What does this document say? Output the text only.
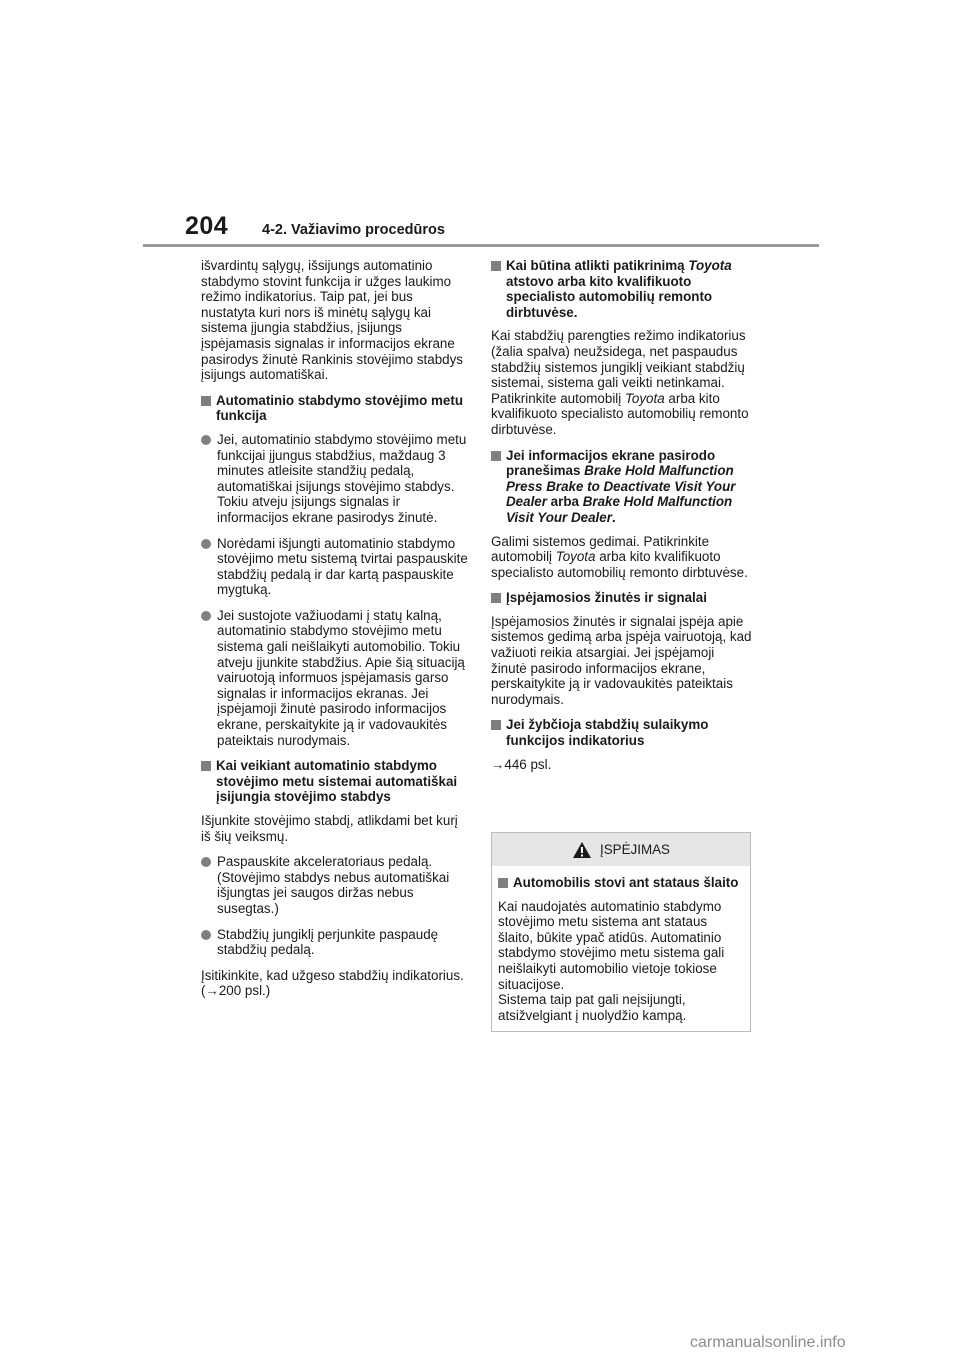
204	4-2. Važiavimo procedūros

išvardintų sąlygų, išsijungs automatinio stabdymo stovint funkcija ir užges laukimo režimo indikatorius. Taip pat, jei bus nustatyta kuri nors iš minėtų sąlygų kai sistema įjungia stabdžius, įsijungs įspėjamasis signalas ir informacijos ekrane pasirodys žinutė Rankinis stovėjimo stabdys įsijungs automatiškai.

Automatinio stabdymo stovėjimo metu funkcija
Jei, automatinio stabdymo stovėjimo metu funkcijai įjungus stabdžius, maždaug 3 minutes atleisite standžių pedalą, automatiškai įsijungs stovėjimo stabdys. Tokiu atveju įsijungs signalas ir informacijos ekrane pasirodys žinutė.
Norėdami išjungti automatinio stabdymo stovėjimo metu sistemą tvirtai paspauskite stabdžių pedalą ir dar kartą paspauskite mygtuką.
Jei sustojote važiuodami į statų kalną, automatinio stabdymo stovėjimo metu sistema gali neišlaikyti automobilio. Tokiu atveju įjunkite stabdžius. Apie šią situaciją vairuotoją informuos įspėjamasis garso signalas ir informacijos ekranas. Jei įspėjamoji žinutė pasirodo informacijos ekrane, perskaitykite ją ir vadovaukitės pateiktais nurodymais.
Kai veikiant automatinio stabdymo stovėjimo metu sistemai automatiškai įsijungia stovėjimo stabdys

Išjunkite stovėjimo stabdį, atlikdami bet kurį iš šių veiksmų.

Paspauskite akceleratoriaus pedalą. (Stovėjimo stabdys nebus automatiškai išjungtas jei saugos diržas nebus susegtas.)
Stabdžių jungiklį perjunkite paspaudę stabdžių pedalą.

Įsitikinkite, kad užgeso stabdžių indikatorius. (→200 psl.)

Kai būtina atlikti patikrinimą Toyota atstovo arba kito kvalifikuoto specialisto automobilių remonto dirbtuvėse.

Kai stabdžių parengties režimo indikatorius (žalia spalva) neužsidega, net paspaudus stabdžių sistemos jungiklį veikiant stabdžių sistemai, sistema gali veikti netinkamai. Patikrinkite automobilį Toyota arba kito kvalifikuoto specialisto automobilių remonto dirbtuvėse.

Jei informacijos ekrane pasirodo pranešimas Brake Hold Malfunction Press Brake to Deactivate Visit Your Dealer arba Brake Hold Malfunction Visit Your Dealer.

Galimi sistemos gedimai. Patikrinkite automobilį Toyota arba kito kvalifikuoto specialisto automobilių remonto dirbtuvėse.

Įspėjamosios žinutės ir signalai

Įspėjamosios žinutės ir signalai įspėja apie sistemos gedimą arba įspėja vairuotoją, kad važiuoti reikia atsargiai. Jei įspėjamoji žinutė pasirodo informacijos ekrane, perskaitykite ją ir vadovaukitės pateiktais nurodymais.

Jei žybčioja stabdžių sulaikymo funkcijos indikatorius

→446 psl.

ĮSPĖJIMAS
Automobilis stovi ant stataus šlaito

Kai naudojatės automatinio stabdymo stovėjimo metu sistema ant stataus šlaito, būkite ypač atidūs. Automatinio stabdymo stovėjimo metu sistema gali neišlaikyti automobilio vietoje tokiose situacijose.

Sistema taip pat gali neįsijungti, atsižvelgiant į nuolydžio kampą.

carmanualsonline.info
